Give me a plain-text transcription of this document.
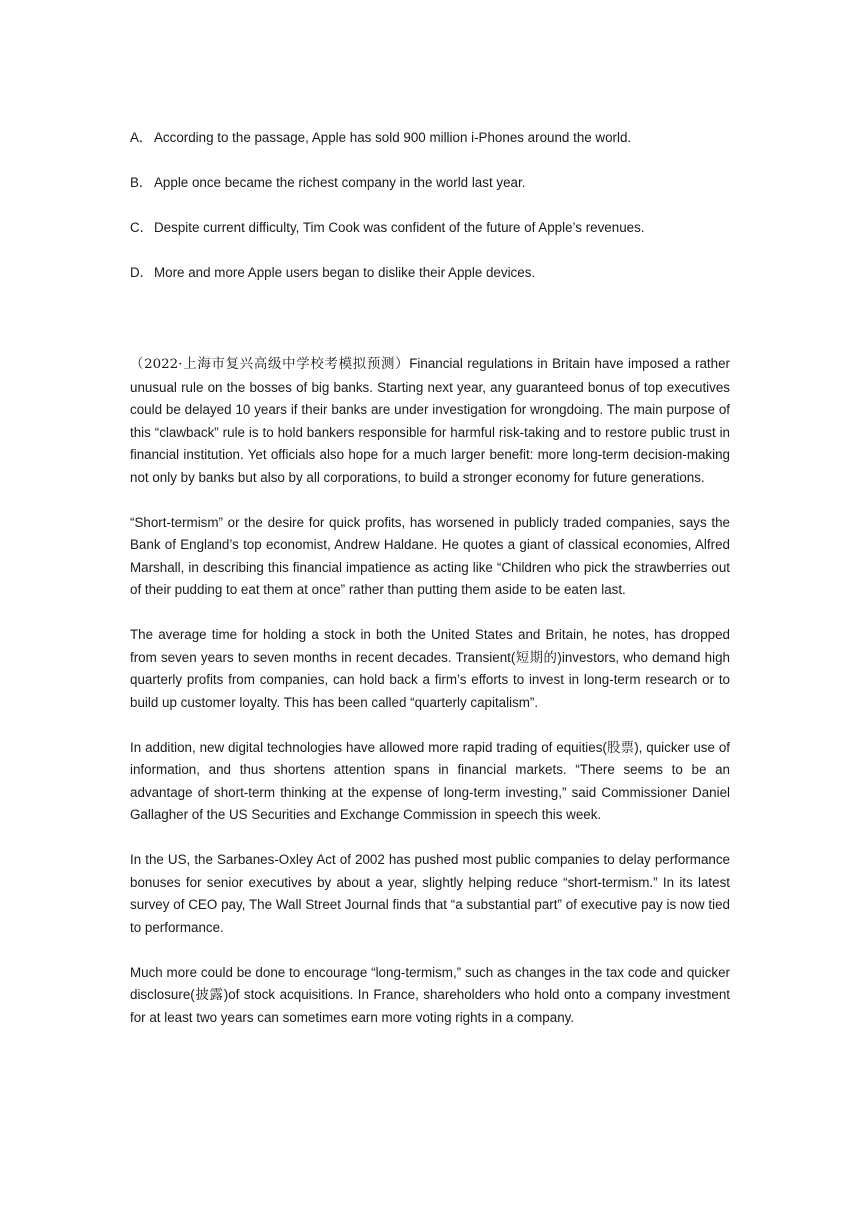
A． According to the passage, Apple has sold 900 million i-Phones around the world.
B． Apple once became the richest company in the world last year.
C．Despite current difficulty, Tim Cook was confident of the future of Apple’s revenues.
D．More and more Apple users began to dislike their Apple devices.

（2022·上海市复兴高级中学校考模拟预测）Financial regulations in Britain have imposed a rather unusual rule on the bosses of big banks. Starting next year, any guaranteed bonus of top executives could be delayed 10 years if their banks are under investigation for wrongdoing. The main purpose of this “clawback” rule is to hold bankers responsible for harmful risk-taking and to restore public trust in financial institution. Yet officials also hope for a much larger benefit: more long-term decision-making not only by banks but also by all corporations, to build a stronger economy for future generations.

“Short-termism” or the desire for quick profits, has worsened in publicly traded companies, says the Bank of England’s top economist, Andrew Haldane. He quotes a giant of classical economies, Alfred Marshall, in describing this financial impatience as acting like “Children who pick the strawberries out of their pudding to eat them at once” rather than putting them aside to be eaten last.

The average time for holding a stock in both the United States and Britain, he notes, has dropped from seven years to seven months in recent decades. Transient(短期的)investors, who demand high quarterly profits from companies, can hold back a firm’s efforts to invest in long-term research or to build up customer loyalty. This has been called “quarterly capitalism”.

In addition, new digital technologies have allowed more rapid trading of equities(股票), quicker use of information, and thus shortens attention spans in financial markets. “There seems to be an advantage of short-term thinking at the expense of long-term investing,” said Commissioner Daniel Gallagher of the US Securities and Exchange Commission in speech this week.

In the US, the Sarbanes-Oxley Act of 2002 has pushed most public companies to delay performance bonuses for senior executives by about a year, slightly helping reduce “short-termism.” In its latest survey of CEO pay, The Wall Street Journal finds that “a substantial part” of executive pay is now tied to performance.

Much more could be done to encourage “long-termism,” such as changes in the tax code and quicker disclosure(披露)of stock acquisitions. In France, shareholders who hold onto a company investment for at least two years can sometimes earn more voting rights in a company.
